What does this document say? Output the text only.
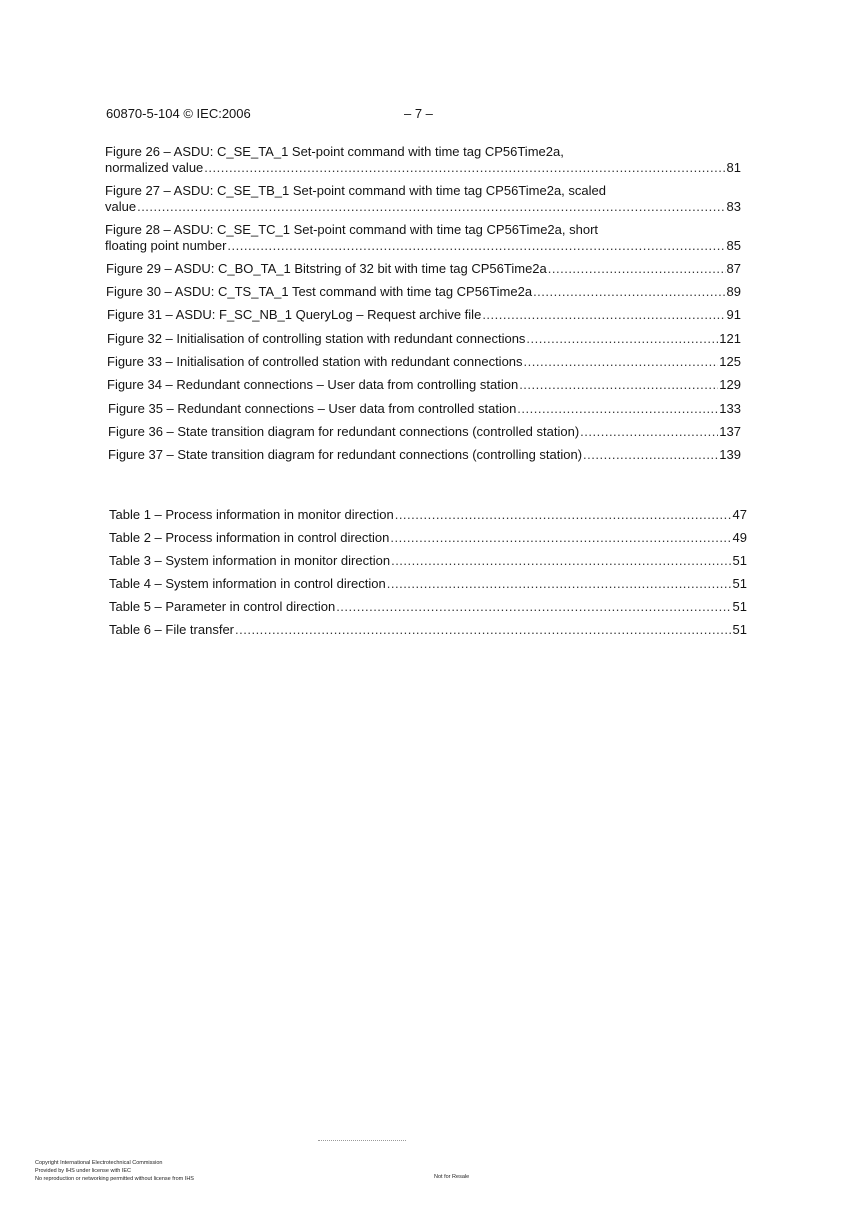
60870-5-104 © IEC:2006	– 7 –
Figure 26 – ASDU: C_SE_TA_1 Set-point command with time tag CP56Time2a,
normalized value .....	81
Figure 27 – ASDU: C_SE_TB_1 Set-point command with time tag CP56Time2a, scaled
value .....	83
Figure 28 – ASDU: C_SE_TC_1 Set-point command with time tag CP56Time2a, short
floating point number .....	85
Figure 29 – ASDU: C_BO_TA_1 Bitstring of 32 bit with time tag CP56Time2a .....	87
Figure 30 – ASDU: C_TS_TA_1 Test command with time tag CP56Time2a .....	89
Figure 31 – ASDU: F_SC_NB_1 QueryLog – Request archive file .....	91
Figure 32 – Initialisation of controlling station with redundant connections .....	121
Figure 33 – Initialisation of controlled station with redundant connections .....	125
Figure 34 – Redundant connections – User data from controlling station .....	129
Figure 35 – Redundant connections – User data from controlled station .....	133
Figure 36 – State transition diagram for redundant connections (controlled station) .....	137
Figure 37 – State transition diagram for redundant connections (controlling station) .....	139
Table 1 – Process information in monitor direction .....	47
Table 2 – Process information in control direction .....	49
Table 3 – System information in monitor direction .....	51
Table 4 – System information in control direction .....	51
Table 5 – Parameter in control direction .....	51
Table 6 – File transfer .....	51
Copyright International Electrotechnical Commission
Provided by IHS under license with IEC
No reproduction or networking permitted without license from IHS	Not for Resale
